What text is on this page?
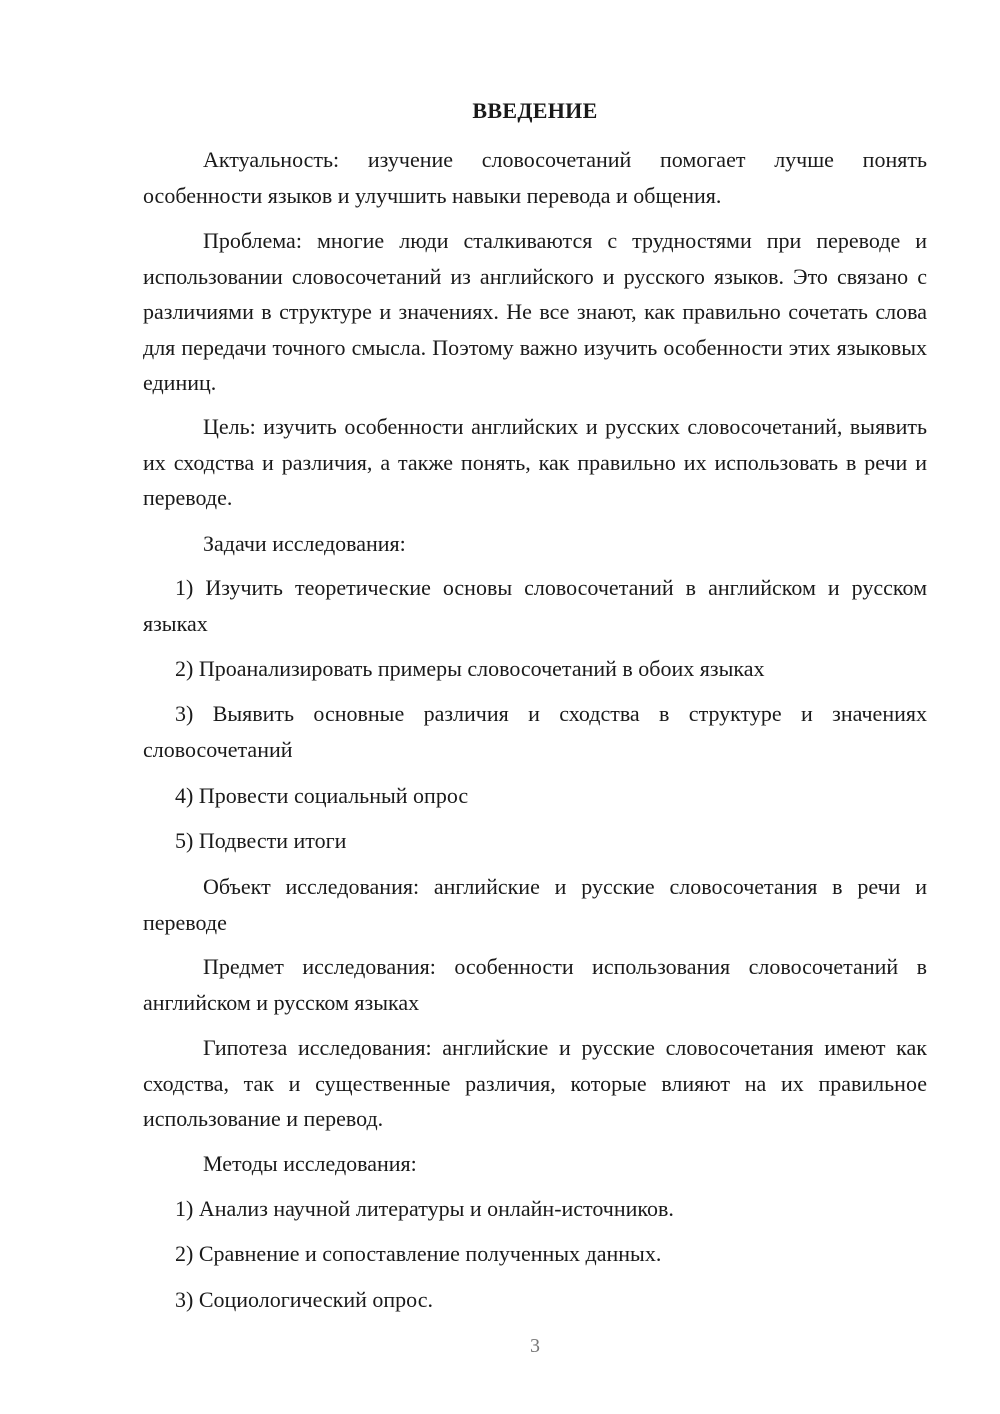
ВВЕДЕНИЕ

Актуальность: изучение словосочетаний помогает лучше понять особенности языков и улучшить навыки перевода и общения.

Проблема: многие люди сталкиваются с трудностями при переводе и использовании словосочетаний из английского и русского языков. Это связано с различиями в структуре и значениях. Не все знают, как правильно сочетать слова для передачи точного смысла. Поэтому важно изучить особенности этих языковых единиц.

Цель: изучить особенности английских и русских словосочетаний, выявить их сходства и различия, а также понять, как правильно их использовать в речи и переводе.

Задачи исследования:

1) Изучить теоретические основы словосочетаний в английском и русском языках

2) Проанализировать примеры словосочетаний в обоих языках

3) Выявить основные различия и сходства в структуре и значениях словосочетаний

4) Провести социальный опрос

5) Подвести итоги

Объект исследования: английские и русские словосочетания в речи и переводе

Предмет исследования: особенности использования словосочетаний в английском и русском языках

Гипотеза исследования: английские и русские словосочетания имеют как сходства, так и существенные различия, которые влияют на их правильное использование и перевод.

Методы исследования:

1) Анализ научной литературы и онлайн-источников.

2) Сравнение и сопоставление полученных данных.

3) Социологический опрос.

3
